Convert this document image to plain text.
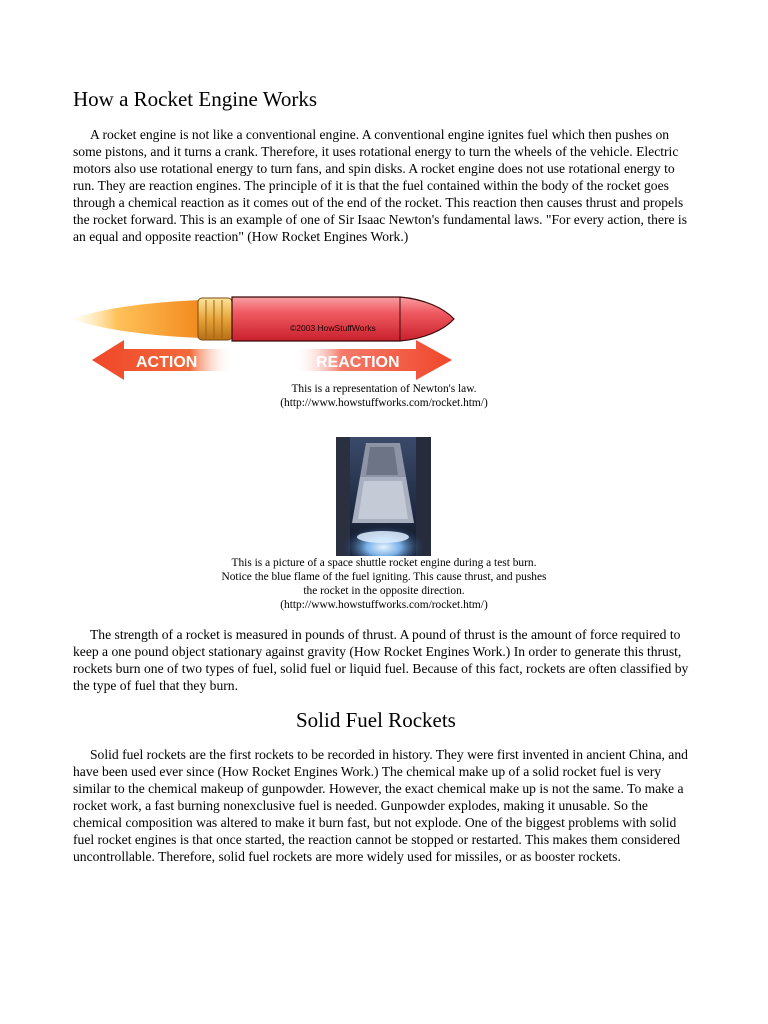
How a Rocket Engine Works

A rocket engine is not like a conventional engine. A conventional engine ignites fuel which then pushes on some pistons, and it turns a crank. Therefore, it uses rotational energy to turn the wheels of the vehicle. Electric motors also use rotational energy to turn fans, and spin disks. A rocket engine does not use rotational energy to run. They are reaction engines. The principle of it is that the fuel contained within the body of the rocket goes through a chemical reaction as it comes out of the end of the rocket. This reaction then causes thrust and propels the rocket forward. This is an example of one of Sir Isaac Newton's fundamental laws. "For every action, there is an equal and opposite reaction" (How Rocket Engines Work.)

©2003 HowStuffWorks
ACTION	REACTION

This is a representation of Newton's law.
(http://www.howstuffworks.com/rocket.htm/)

This is a picture of a space shuttle rocket engine during a test burn.
Notice the blue flame of the fuel igniting. This cause thrust, and pushes
the rocket in the opposite direction.
(http://www.howstuffworks.com/rocket.htm/)

The strength of a rocket is measured in pounds of thrust. A pound of thrust is the amount of force required to keep a one pound object stationary against gravity (How Rocket Engines Work.) In order to generate this thrust, rockets burn one of two types of fuel, solid fuel or liquid fuel. Because of this fact, rockets are often classified by the type of fuel that they burn.

Solid Fuel Rockets

Solid fuel rockets are the first rockets to be recorded in history. They were first invented in ancient China, and have been used ever since (How Rocket Engines Work.) The chemical make up of a solid rocket fuel is very similar to the chemical makeup of gunpowder. However, the exact chemical make up is not the same. To make a rocket work, a fast burning nonexclusive fuel is needed. Gunpowder explodes, making it unusable. So the chemical composition was altered to make it burn fast, but not explode. One of the biggest problems with solid fuel rocket engines is that once started, the reaction cannot be stopped or restarted. This makes them considered uncontrollable. Therefore, solid fuel rockets are more widely used for missiles, or as booster rockets.
